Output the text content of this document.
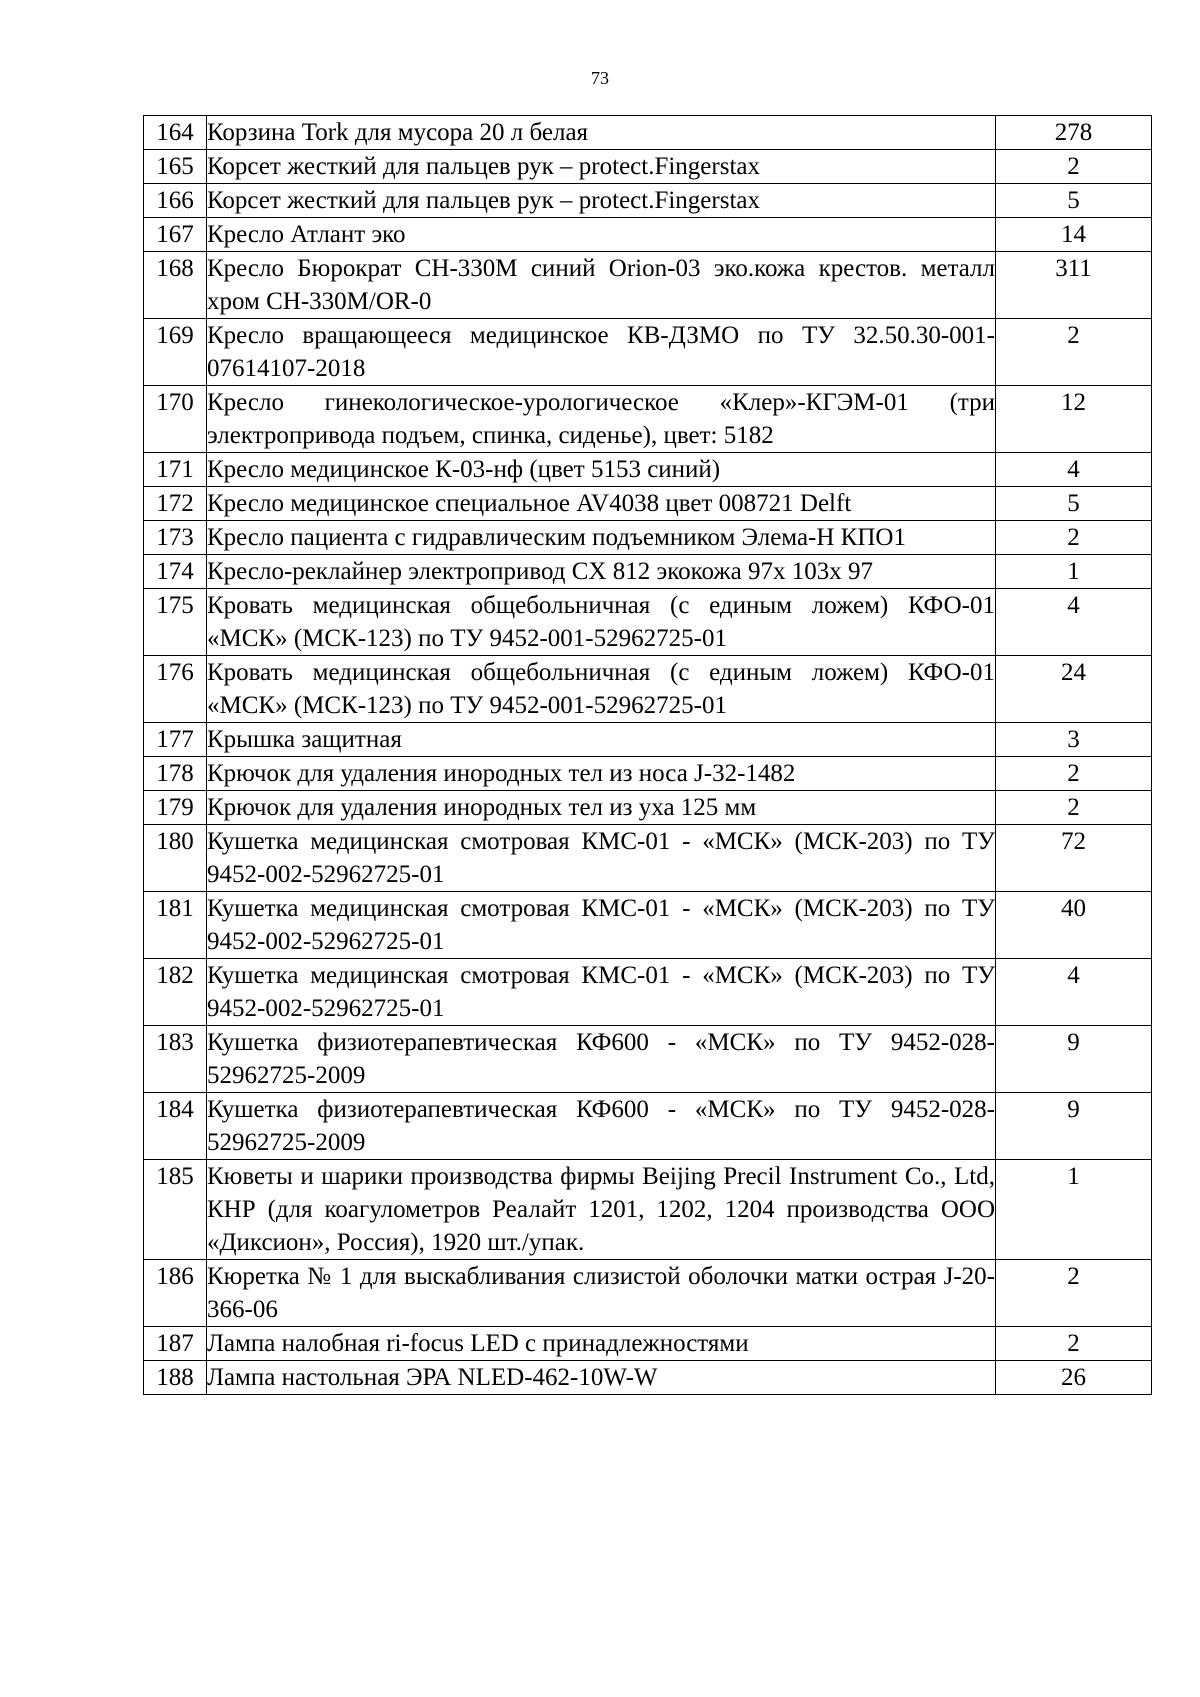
73
164	Корзина Tork для мусора 20 л белая	278
165	Корсет жесткий для пальцев рук – protect.Fingerstax	2
166	Корсет жесткий для пальцев рук – protect.Fingerstax	5
167	Кресло Атлант эко	14
168	Кресло Бюрократ CH-330M синий Orion-03 эко.кожа крестов. металл хром CH-330M/OR-0	311
169	Кресло вращающееся медицинское КВ-ДЗМО по ТУ 32.50.30-001-07614107-2018	2
170	Кресло гинекологическое-урологическое «Клер»-КГЭМ-01 (три электропривода подъем, спинка, сиденье), цвет: 5182	12
171	Кресло медицинское К-03-нф (цвет 5153 синий)	4
172	Кресло медицинское специальное AV4038 цвет 008721 Delft	5
173	Кресло пациента с гидравлическим подъемником Элема-Н КПО1	2
174	Кресло-реклайнер электропривод CX 812 экокожа 97х 103х 97	1
175	Кровать медицинская общебольничная (с единым ложем) КФО-01 «МСК» (МСК-123) по ТУ 9452-001-52962725-01	4
176	Кровать медицинская общебольничная (с единым ложем) КФО-01 «МСК» (МСК-123) по ТУ 9452-001-52962725-01	24
177	Крышка защитная	3
178	Крючок для удаления инородных тел из носа J-32-1482	2
179	Крючок для удаления инородных тел из уха 125 мм	2
180	Кушетка медицинская смотровая КМС-01 - «МСК» (МСК-203) по ТУ 9452-002-52962725-01	72
181	Кушетка медицинская смотровая КМС-01 - «МСК» (МСК-203) по ТУ 9452-002-52962725-01	40
182	Кушетка медицинская смотровая КМС-01 - «МСК» (МСК-203) по ТУ 9452-002-52962725-01	4
183	Кушетка физиотерапевтическая КФ600 - «МСК» по ТУ 9452-028-52962725-2009	9
184	Кушетка физиотерапевтическая КФ600 - «МСК» по ТУ 9452-028-52962725-2009	9
185	Кюветы и шарики производства фирмы Beijing Precil Instrument Co., Ltd, КНР (для коагулометров Реалайт 1201, 1202, 1204 производства ООО «Диксион», Россия), 1920 шт./упак.	1
186	Кюретка № 1 для выскабливания слизистой оболочки матки острая J-20-366-06	2
187	Лампа налобная ri-focus LED с принадлежностями	2
188	Лампа настольная ЭРА NLED-462-10W-W	26
